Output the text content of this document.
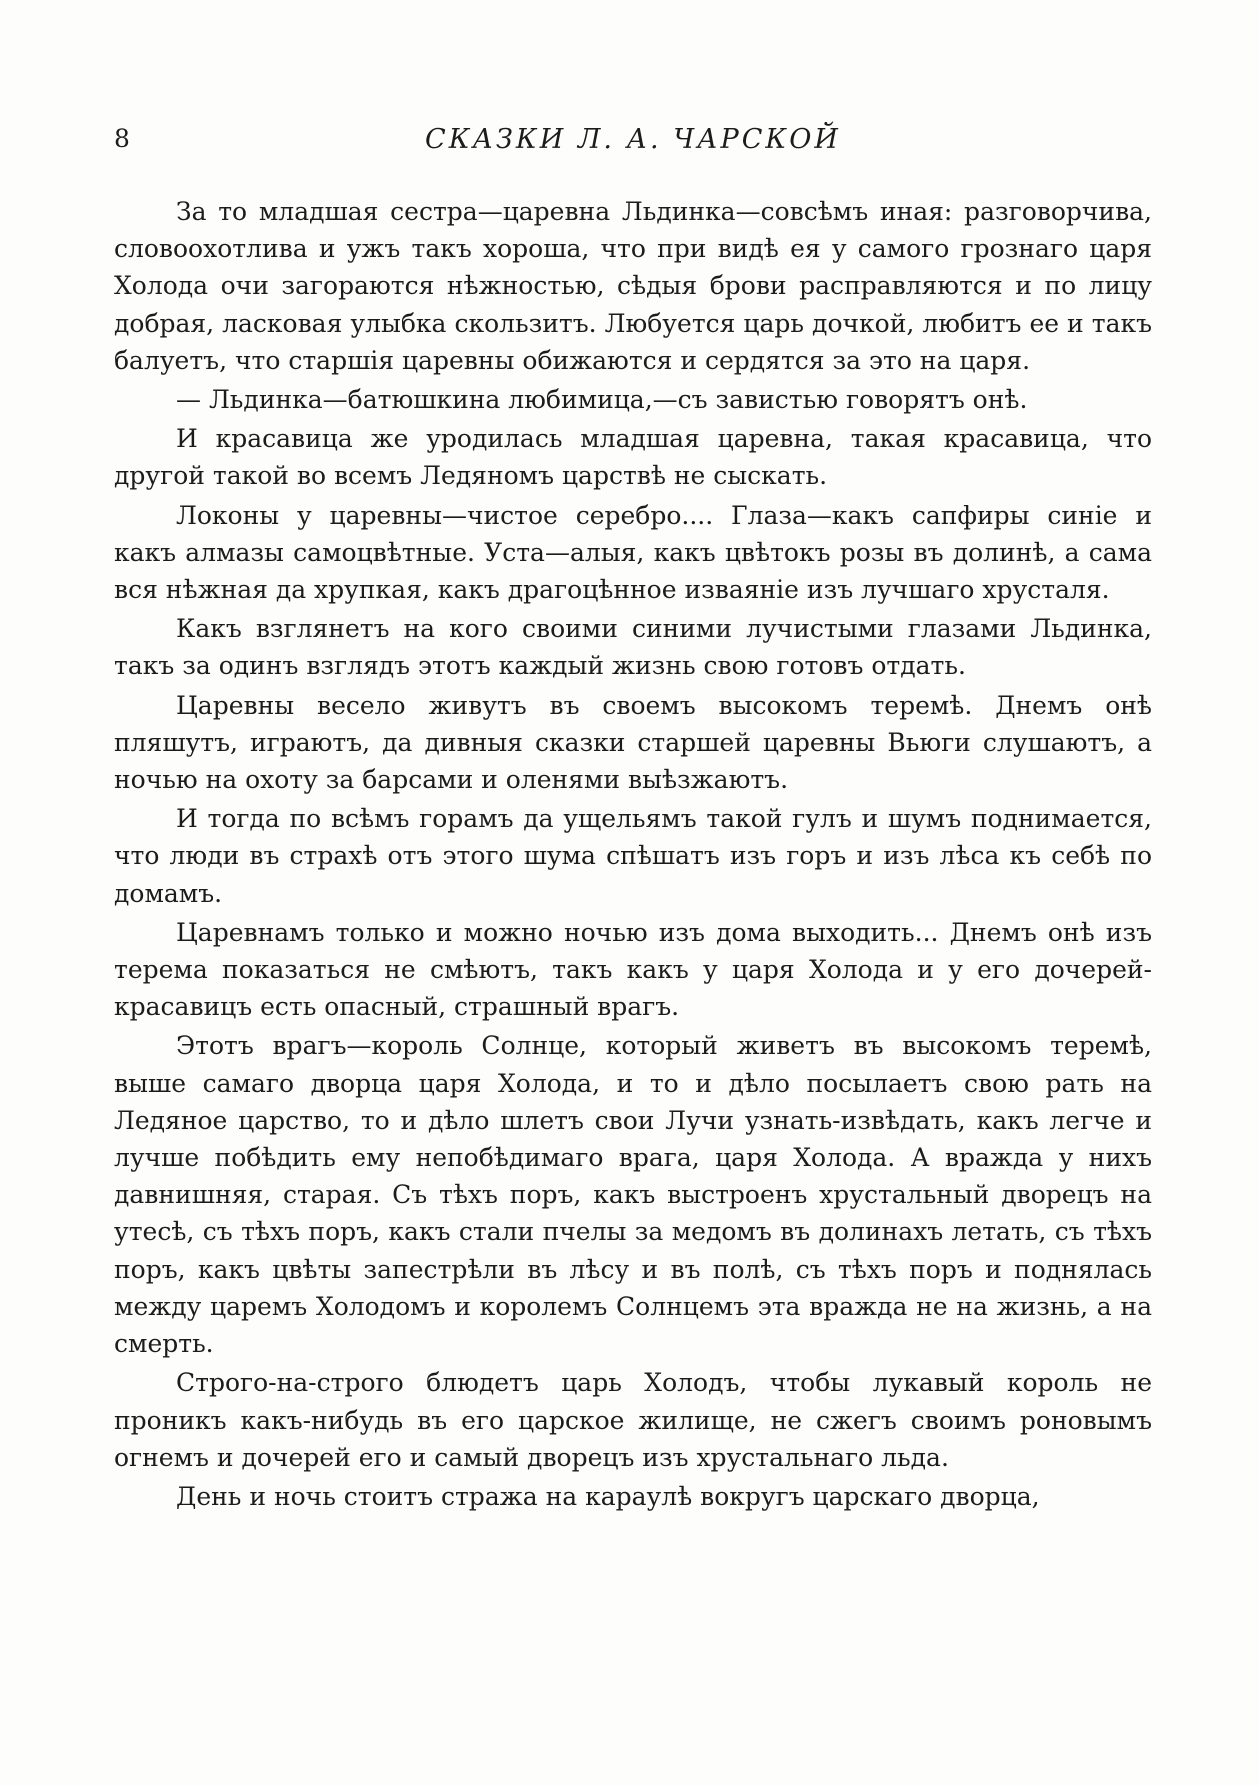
8	СКАЗКИ Л. А. ЧАРСКОЙ

За то младшая сестра—царевна Льдинка—совсѣмъ иная: разговорчива, словоохотлива и ужъ такъ хороша, что при видѣ ея у самого грознаго царя Холода очи загораются нѣжностью, сѣдыя брови расправляются и по лицу добрая, ласковая улыбка скользитъ. Любуется царь дочкой, любитъ ее и такъ балуетъ, что старшія царевны обижаются и сердятся за это на царя.

— Льдинка—батюшкина любимица,—съ завистью говорятъ онѣ.

И красавица же уродилась младшая царевна, такая красавица, что другой такой во всемъ Ледяномъ царствѣ не сыскать.

Локоны у царевны—чистое серебро.... Глаза—какъ сапфиры синіе и какъ алмазы самоцвѣтные. Уста—алыя, какъ цвѣтокъ розы въ долинѣ, а сама вся нѣжная да хрупкая, какъ драгоцѣнное изваяніе изъ лучшаго хрусталя.

Какъ взглянетъ на кого своими синими лучистыми глазами Льдинка, такъ за одинъ взглядъ этотъ каждый жизнь свою готовъ отдать.

Царевны весело живутъ въ своемъ высокомъ теремѣ. Днемъ онѣ пляшутъ, играютъ, да дивныя сказки старшей царевны Вьюги слушаютъ, а ночью на охоту за барсами и оленями выѣзжаютъ.

И тогда по всѣмъ горамъ да ущельямъ такой гулъ и шумъ поднимается, что люди въ страхѣ отъ этого шума спѣшатъ изъ горъ и изъ лѣса къ себѣ по домамъ.

Царевнамъ только и можно ночью изъ дома выходить... Днемъ онѣ изъ терема показаться не смѣютъ, такъ какъ у царя Холода и у его дочерей-красавицъ есть опасный, страшный врагъ.

Этотъ врагъ—король Солнце, который живетъ въ высокомъ теремѣ, выше самаго дворца царя Холода, и то и дѣло посылаетъ свою рать на Ледяное царство, то и дѣло шлетъ свои Лучи узнать-извѣдать, какъ легче и лучше побѣдить ему непобѣдимаго врага, царя Холода. А вражда у нихъ давнишняя, старая. Съ тѣхъ поръ, какъ выстроенъ хрустальный дворецъ на утесѣ, съ тѣхъ поръ, какъ стали пчелы за медомъ въ долинахъ летать, съ тѣхъ поръ, какъ цвѣты запестрѣли въ лѣсу и въ полѣ, съ тѣхъ поръ и поднялась между царемъ Холодомъ и королемъ Солнцемъ эта вражда не на жизнь, а на смерть.

Строго-на-строго блюдетъ царь Холодъ, чтобы лукавый король не проникъ какъ-нибудь въ его царское жилище, не сжегъ своимъ роновымъ огнемъ и дочерей его и самый дворецъ изъ хрустальнаго льда.

День и ночь стоитъ стража на караулѣ вокругъ царскаго дворца,
